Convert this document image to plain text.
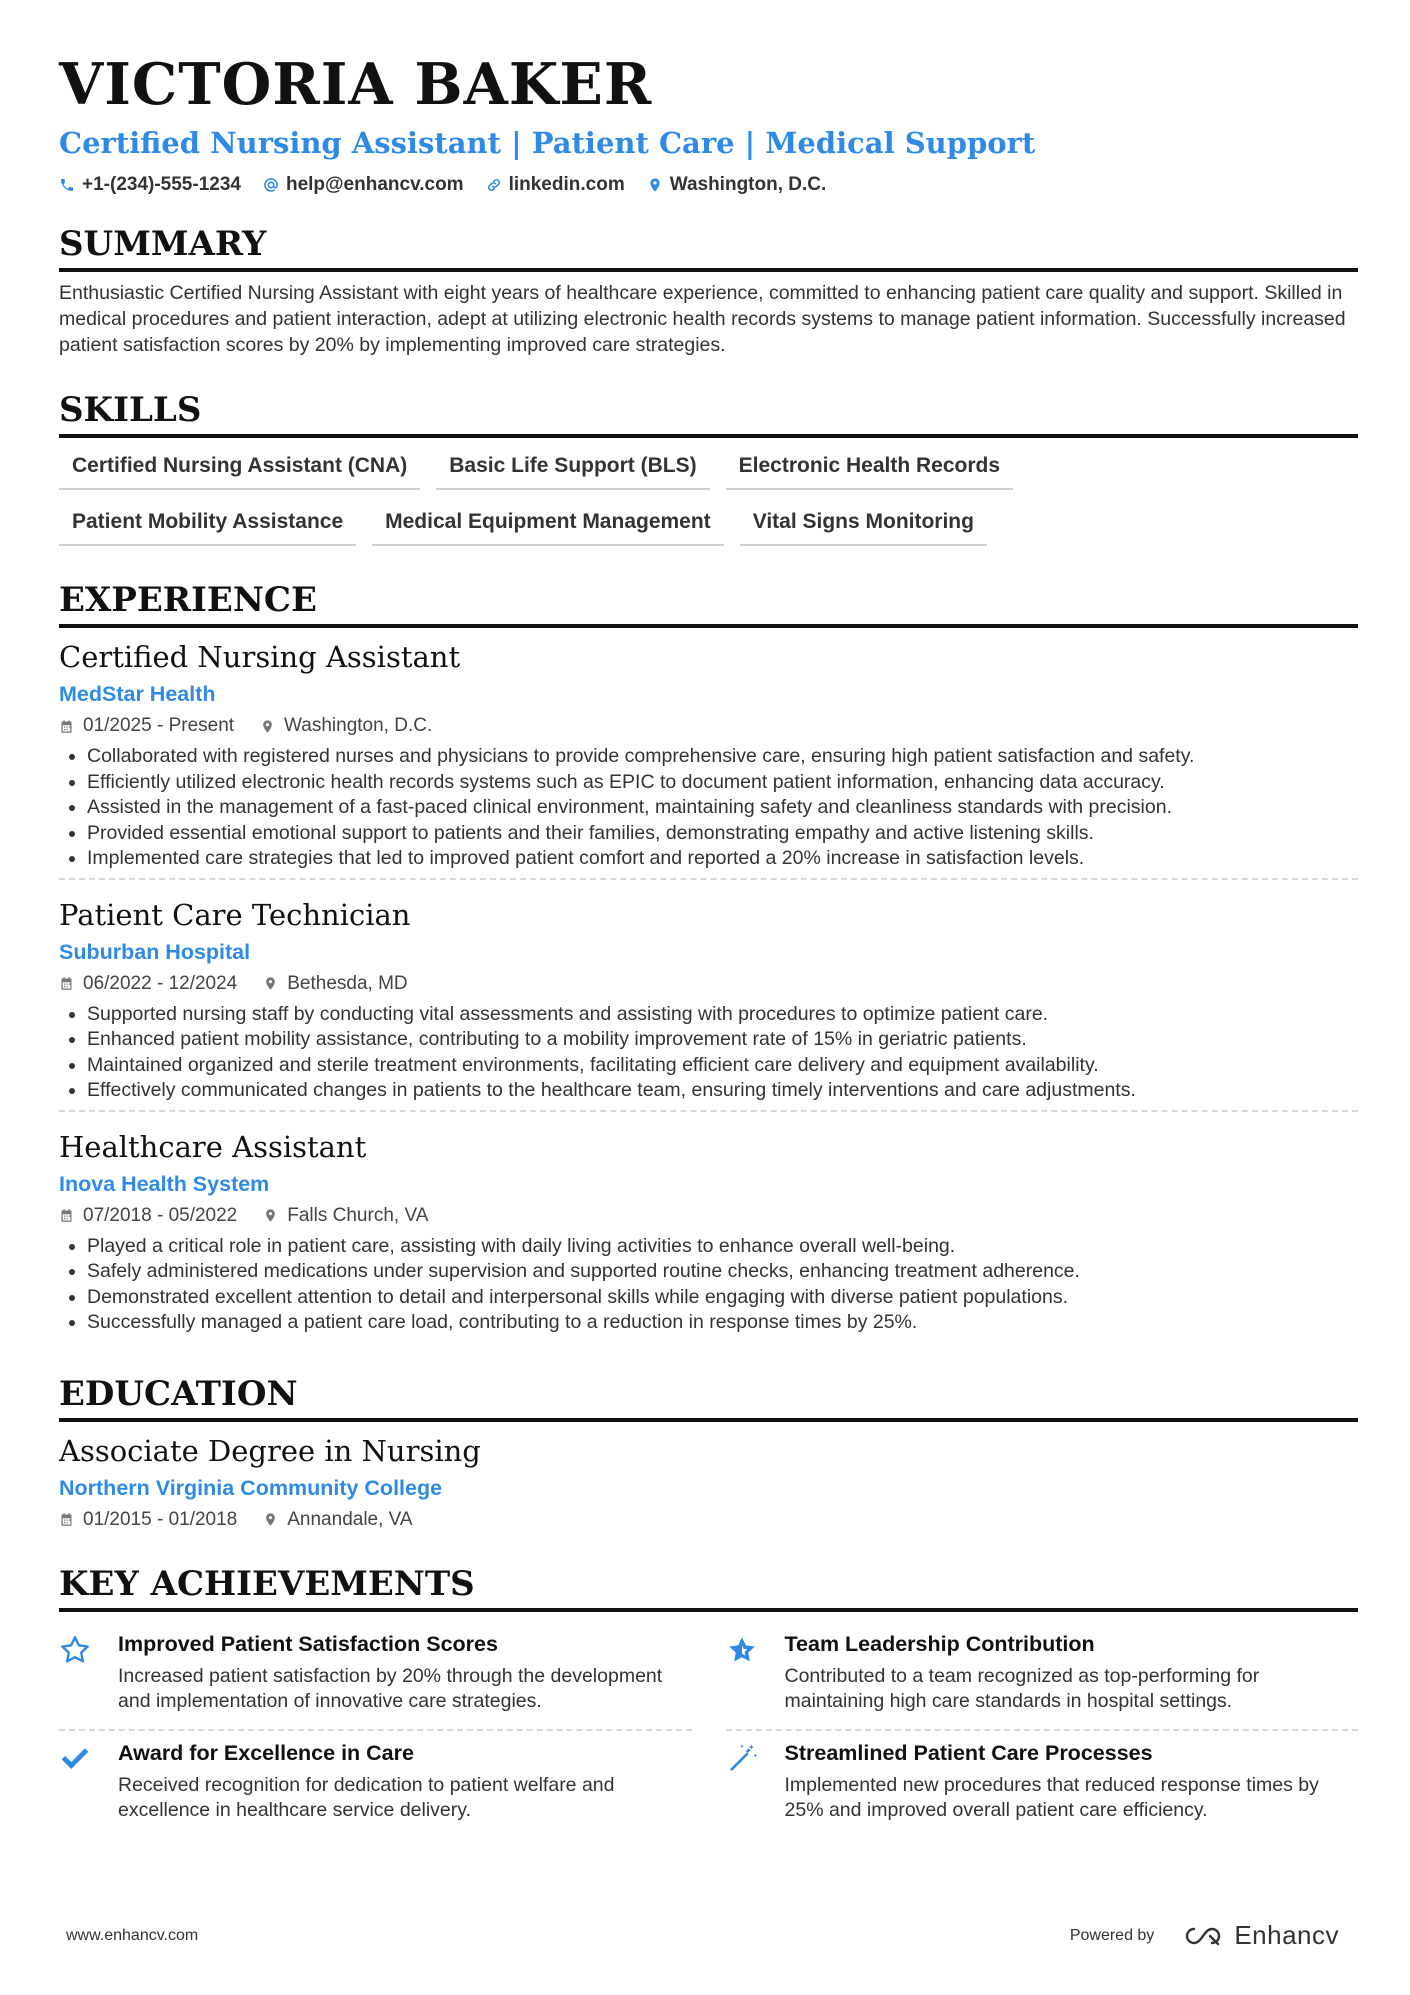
VICTORIA BAKER
Certified Nursing Assistant | Patient Care | Medical Support
+1-(234)-555-1234 help@enhancv.com linkedin.com Washington, D.C.
SUMMARY

Enthusiastic Certified Nursing Assistant with eight years of healthcare experience, committed to enhancing patient care quality and support. Skilled in medical procedures and patient interaction, adept at utilizing electronic health records systems to manage patient information. Successfully increased patient satisfaction scores by 20% by implementing improved care strategies.

SKILLS
Certified Nursing Assistant (CNA)	Basic Life Support (BLS)	Electronic Health Records
Patient Mobility Assistance	Medical Equipment Management	Vital Signs Monitoring
EXPERIENCE
Certified Nursing Assistant
MedStar Health
01/2025 - Present	Washington, D.C.
• Collaborated with registered nurses and physicians to provide comprehensive care, ensuring high patient satisfaction and safety.
• Efficiently utilized electronic health records systems such as EPIC to document patient information, enhancing data accuracy.
• Assisted in the management of a fast-paced clinical environment, maintaining safety and cleanliness standards with precision.
• Provided essential emotional support to patients and their families, demonstrating empathy and active listening skills.
• Implemented care strategies that led to improved patient comfort and reported a 20% increase in satisfaction levels.
Patient Care Technician
Suburban Hospital
06/2022 - 12/2024	Bethesda, MD
• Supported nursing staff by conducting vital assessments and assisting with procedures to optimize patient care.
• Enhanced patient mobility assistance, contributing to a mobility improvement rate of 15% in geriatric patients.
• Maintained organized and sterile treatment environments, facilitating efficient care delivery and equipment availability.
• Effectively communicated changes in patients to the healthcare team, ensuring timely interventions and care adjustments.
Healthcare Assistant
Inova Health System
07/2018 - 05/2022	Falls Church, VA
• Played a critical role in patient care, assisting with daily living activities to enhance overall well-being.
• Safely administered medications under supervision and supported routine checks, enhancing treatment adherence.
• Demonstrated excellent attention to detail and interpersonal skills while engaging with diverse patient populations.
• Successfully managed a patient care load, contributing to a reduction in response times by 25%.
EDUCATION
Associate Degree in Nursing
Northern Virginia Community College
01/2015 - 01/2018	Annandale, VA
KEY ACHIEVEMENTS
Improved Patient Satisfaction Scores
Increased patient satisfaction by 20% through the development and implementation of innovative care strategies.
Team Leadership Contribution
Contributed to a team recognized as top-performing for maintaining high care standards in hospital settings.
Award for Excellence in Care
Received recognition for dedication to patient welfare and excellence in healthcare service delivery.
Streamlined Patient Care Processes
Implemented new procedures that reduced response times by 25% and improved overall patient care efficiency.
www.enhancv.com	Powered by	Enhancv
